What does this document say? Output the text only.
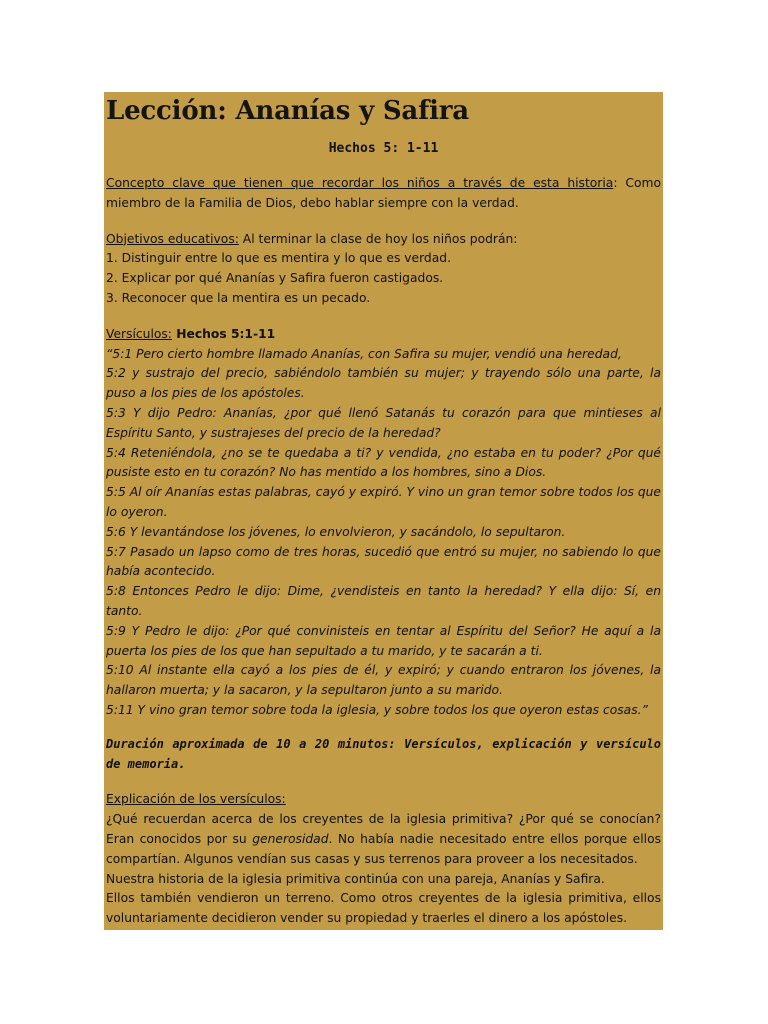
Lección: Ananías y Safira
Hechos 5: 1-11
Concepto clave que tienen que recordar los niños a través de esta historia: Como miembro de la Familia de Dios, debo hablar siempre con la verdad.
Objetivos educativos: Al terminar la clase de hoy los niños podrán:
1. Distinguir entre lo que es mentira y lo que es verdad.
2. Explicar por qué Ananías y Safira fueron castigados.
3. Reconocer que la mentira es un pecado.
Versículos: Hechos 5:1-11
“5:1 Pero cierto hombre llamado Ananías, con Safira su mujer, vendió una heredad,
5:2 y sustrajo del precio, sabiéndolo también su mujer; y trayendo sólo una parte, la puso a los pies de los apóstoles.
5:3 Y dijo Pedro: Ananías, ¿por qué llenó Satanás tu corazón para que mintieses al Espíritu Santo, y sustrajeses del precio de la heredad?
5:4 Reteniéndola, ¿no se te quedaba a ti? y vendida, ¿no estaba en tu poder? ¿Por qué pusiste esto en tu corazón? No has mentido a los hombres, sino a Dios.
5:5 Al oír Ananías estas palabras, cayó y expiró. Y vino un gran temor sobre todos los que lo oyeron.
5:6 Y levantándose los jóvenes, lo envolvieron, y sacándolo, lo sepultaron.
5:7 Pasado un lapso como de tres horas, sucedió que entró su mujer, no sabiendo lo que había acontecido.
5:8 Entonces Pedro le dijo: Dime, ¿vendisteis en tanto la heredad? Y ella dijo: Sí, en tanto.
5:9 Y Pedro le dijo: ¿Por qué convinisteis en tentar al Espíritu del Señor? He aquí a la puerta los pies de los que han sepultado a tu marido, y te sacarán a ti.
5:10 Al instante ella cayó a los pies de él, y expiró; y cuando entraron los jóvenes, la hallaron muerta; y la sacaron, y la sepultaron junto a su marido.
5:11 Y vino gran temor sobre toda la iglesia, y sobre todos los que oyeron estas cosas.”
Duración aproximada de 10 a 20 minutos: Versículos, explicación y versículo de memoria.
Explicación de los versículos:
¿Qué recuerdan acerca de los creyentes de la iglesia primitiva? ¿Por qué se conocían? Eran conocidos por su generosidad. No había nadie necesitado entre ellos porque ellos compartían. Algunos vendían sus casas y sus terrenos para proveer a los necesitados.
Nuestra historia de la iglesia primitiva continúa con una pareja, Ananías y Safira.
Ellos también vendieron un terreno. Como otros creyentes de la iglesia primitiva, ellos voluntariamente decidieron vender su propiedad y traerles el dinero a los apóstoles.
